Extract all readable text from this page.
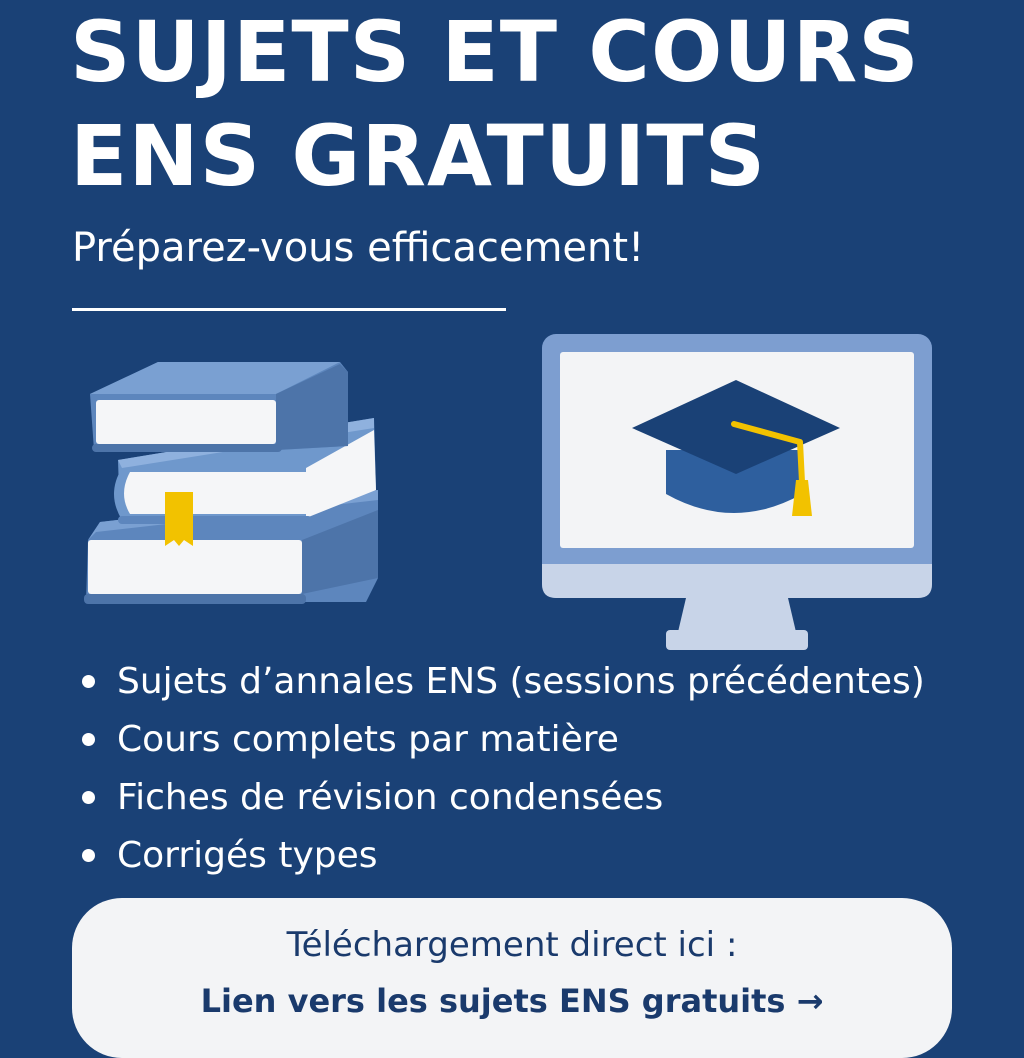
SUJETS ET COURS
ENS GRATUITS

Préparez-vous efficacement!

Sujets d’annales ENS (sessions précédentes)
Cours complets par matière
Fiches de révision condensées
Corrigés types
Téléchargement direct ici :
Lien vers les sujets ENS gratuits →
